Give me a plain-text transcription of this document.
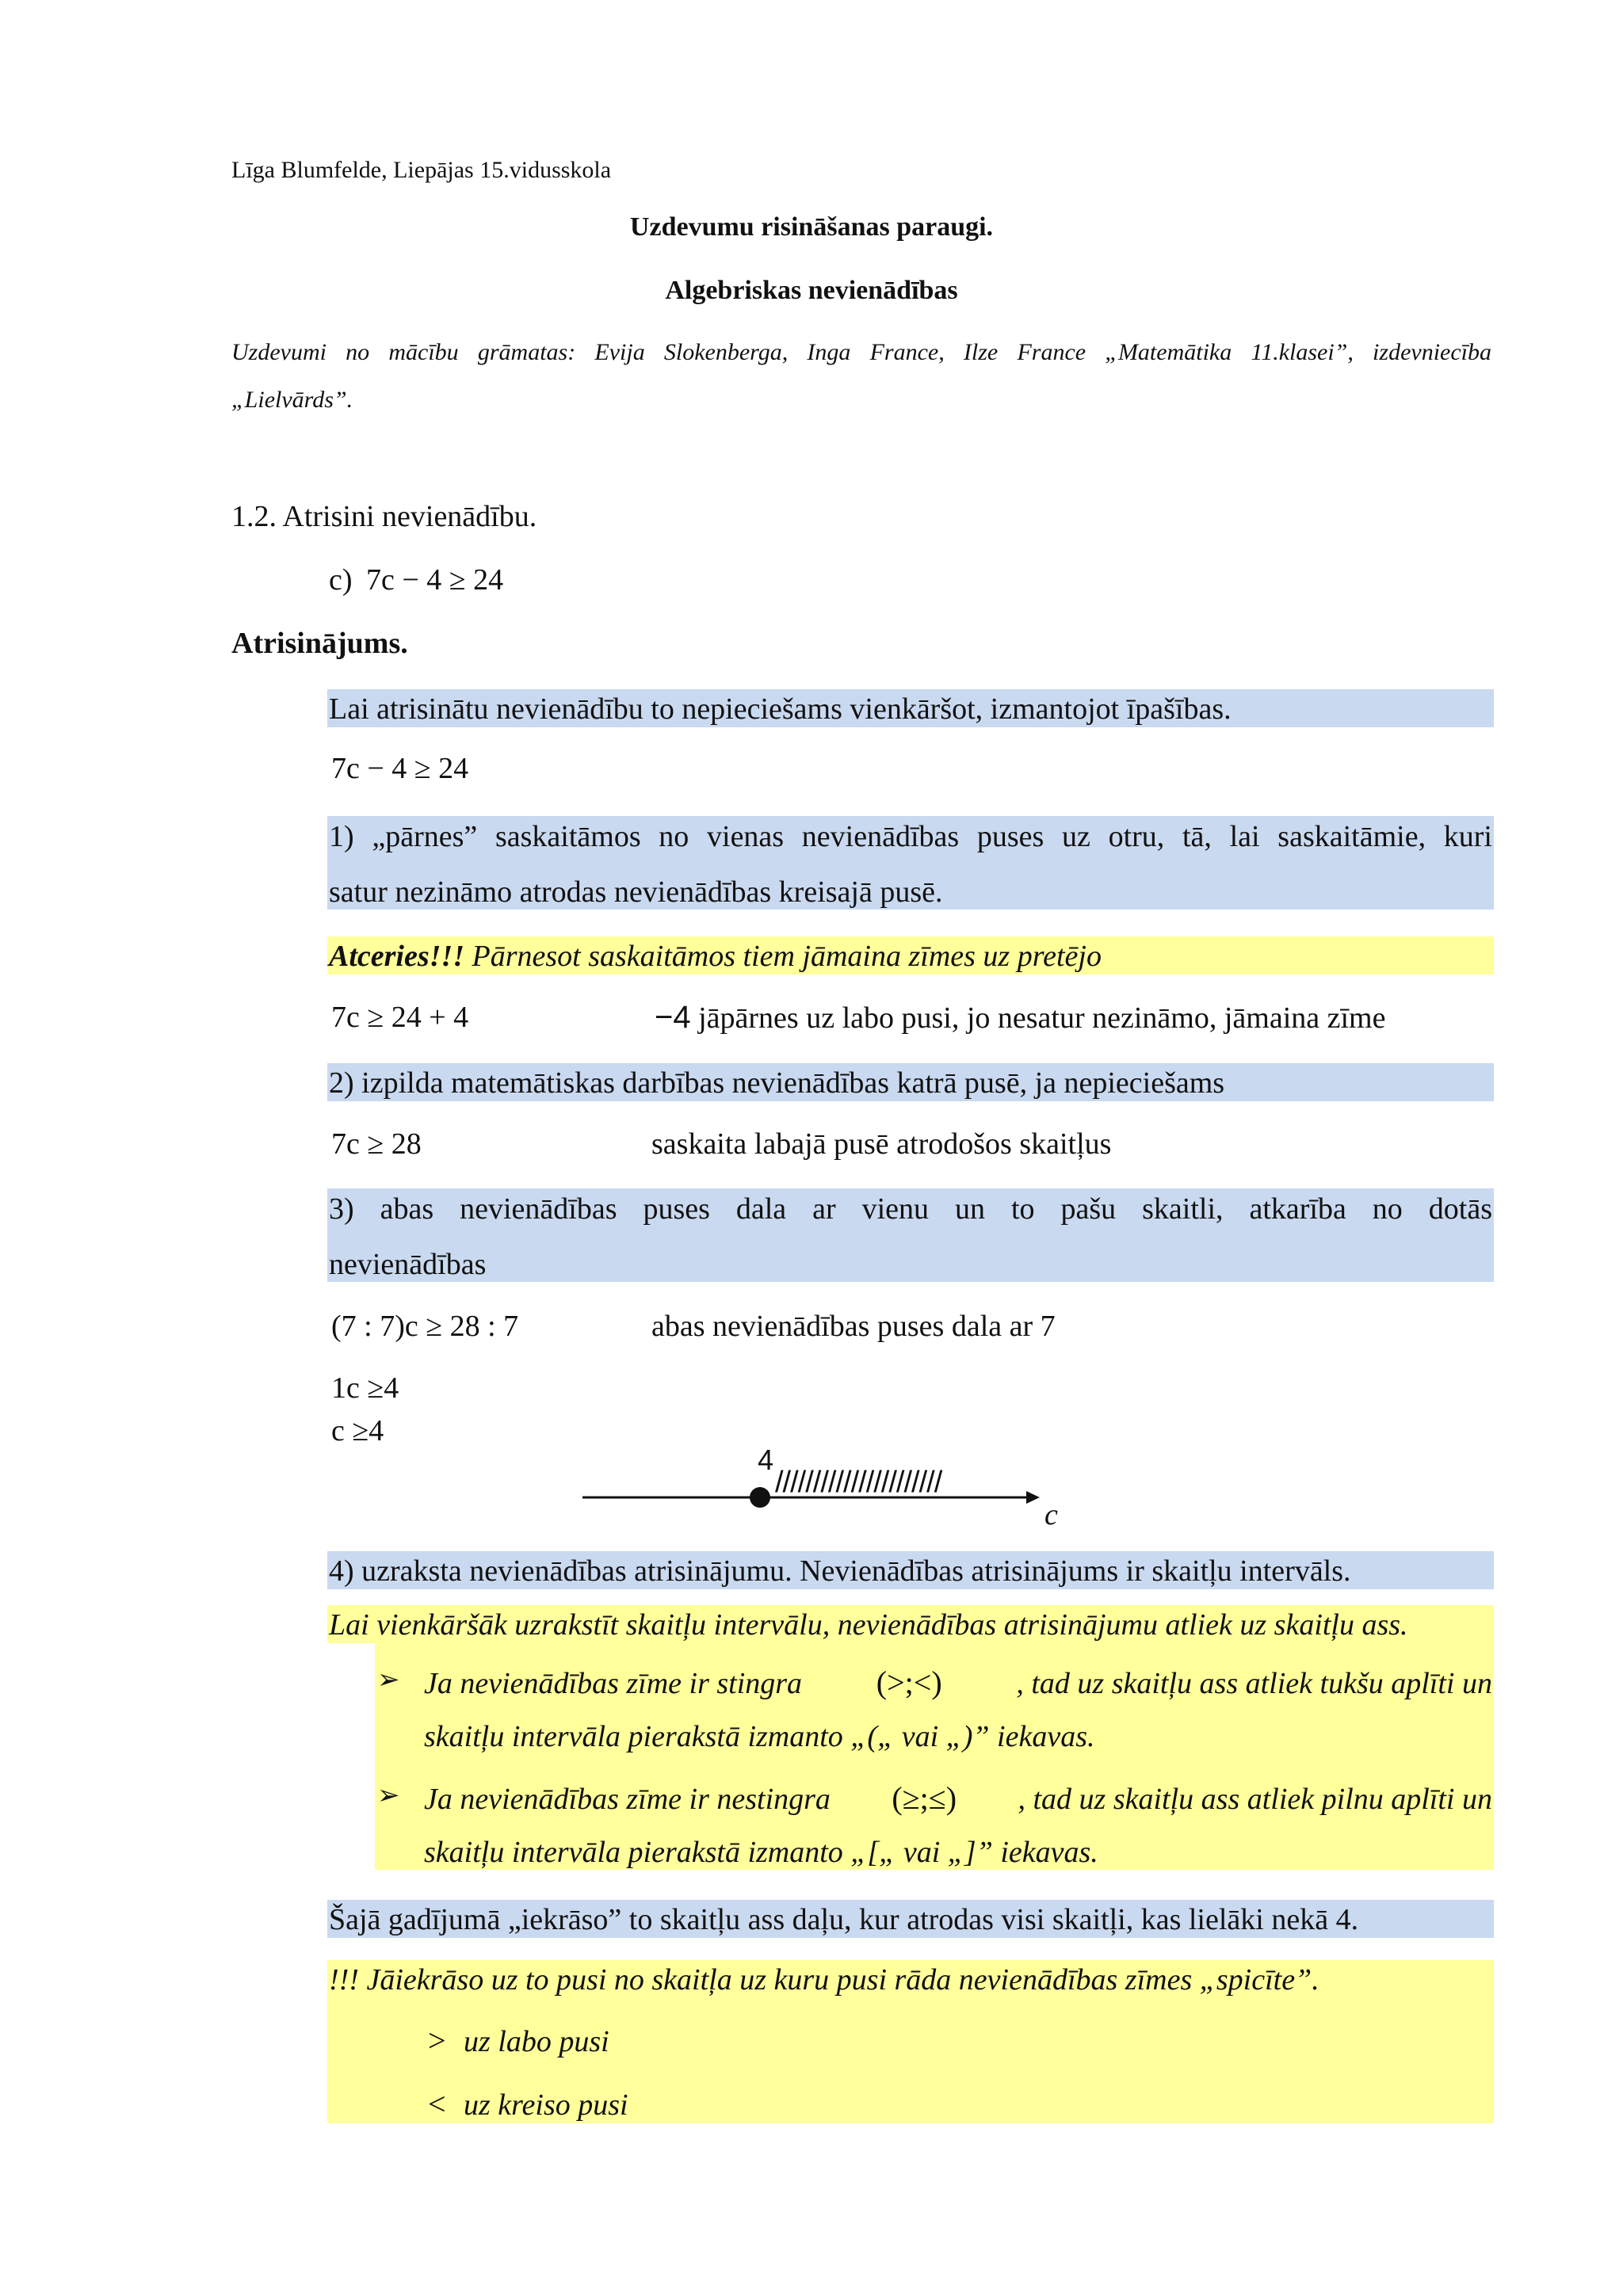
Līga Blumfelde, Liepājas 15.vidusskola
Uzdevumu risināšanas paraugi.
Algebriskas nevienādības
Uzdevumi no mācību grāmatas: Evija Slokenberga, Inga France, Ilze France „Matemātika 11.klasei”, izdevniecība
„Lielvārds”.
1.2. Atrisini nevienādību.
c) 7c − 4 ≥ 24
Atrisinājums.
Lai atrisinātu nevienādību to nepieciešams vienkāršot, izmantojot īpašības.
7c − 4 ≥ 24
1) „pārnes” saskaitāmos no vienas nevienādības puses uz otru, tā, lai saskaitāmie, kuri
satur nezināmo atrodas nevienādības kreisajā pusē.
Atceries!!! Pārnesot saskaitāmos tiem jāmaina zīmes uz pretējo
7c ≥ 24 + 4	−4 jāpārnes uz labo pusi, jo nesatur nezināmo, jāmaina zīme
2) izpilda matemātiskas darbības nevienādības katrā pusē, ja nepieciešams
7c ≥ 28	saskaita labajā pusē atrodošos skaitļus
3) abas nevienādības puses dala ar vienu un to pašu skaitli, atkarība no dotās
nevienādības
(7 : 7)c ≥ 28 : 7	abas nevienādības puses dala ar 7
1c ≥4
c ≥4
4
//////////////////////
c
4) uzraksta nevienādības atrisinājumu. Nevienādības atrisinājums ir skaitļu intervāls.
Lai vienkāršāk uzrakstīt skaitļu intervālu, nevienādības atrisinājumu atliek uz skaitļu ass.
➢ Ja nevienādības zīme ir stingra (>;<) , tad uz skaitļu ass atliek tukšu aplīti un
skaitļu intervāla pierakstā izmanto „(„ vai „)” iekavas.
➢ Ja nevienādības zīme ir nestingra (≥;≤) , tad uz skaitļu ass atliek pilnu aplīti un
skaitļu intervāla pierakstā izmanto „[„ vai „]” iekavas.
Šajā gadījumā „iekrāso” to skaitļu ass daļu, kur atrodas visi skaitļi, kas lielāki nekā 4.
!!! Jāiekrāso uz to pusi no skaitļa uz kuru pusi rāda nevienādības zīmes „spicīte”.
> uz labo pusi
< uz kreiso pusi
